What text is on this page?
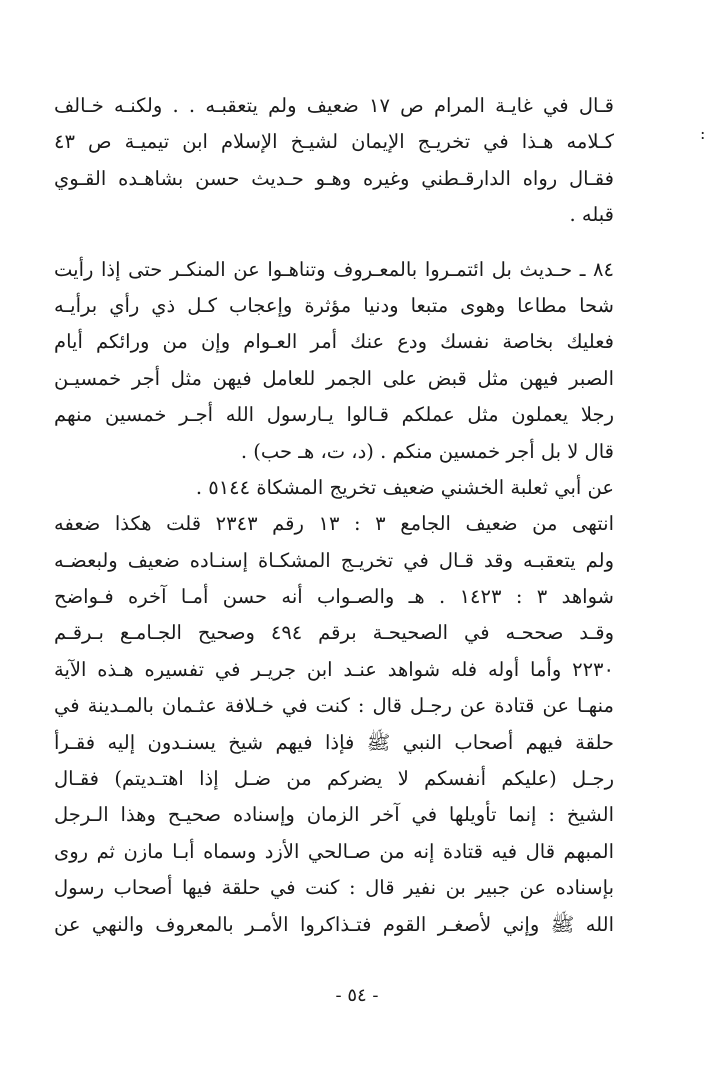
:
قـال في غايـة المرام ص ١٧ ضعيف ولم يتعقبـه . . ولكنـه خـالف
كـلامه هـذا في تخريـج الإيمان لشيـخ الإسلام ابن تيميـة ص ٤٣
فقـال رواه الدارقـطني وغيره وهـو حـديث حسن بشاهـده القـوي
قبله .
٨٤ ـ حـديث بل ائتمـروا بالمعـروف وتناهـوا عن المنكـر حتى إذا رأيت
شحا مطاعا وهوى متبعا ودنيا مؤثرة وإعجاب كـل ذي رأي برأيـه
فعليك بخاصة نفسك ودع عنك أمر العـوام وإن من ورائكم أيام
الصبر فيهن مثل قبض على الجمر للعامل فيهن مثل أجر خمسيـن
رجلا يعملون مثل عملكم قـالوا يـارسول الله أجـر خمسين منهم
قال لا بل أجر خمسين منكم . (د، ت، هـ حب) .
عن أبي ثعلبة الخشني ضعيف تخريج المشكاة ٥١٤٤ .
انتهى من ضعيف الجامع ٣ : ١٣ رقم ٢٣٤٣ قلت هكذا ضعفه
ولم يتعقبـه وقد قـال في تخريـج المشكـاة إسنـاده ضعيف ولبعضـه
شواهد ٣ : ١٤٢٣ . هـ والصـواب أنه حسن أمـا آخره فـواضح
وقـد صححـه في الصحيحـة برقم ٤٩٤ وصحيح الجـامـع بـرقـم
٢٢٣٠ وأما أوله فله شواهد عنـد ابن جريـر في تفسيره هـذه الآية
منهـا عن قتادة عن رجـل قال : كنت في خـلافة عثـمان بالمـدينة في
حلقة فيهم أصحاب النبي ﷺ فإذا فيهم شيخ يسنـدون إليه فقـرأ
رجـل (عليكم أنفسكم لا يضركم من ضـل إذا اهتـديتم) فقـال
الشيخ : إنما تأويلها في آخر الزمان وإسناده صحيـح وهذا الـرجل
المبهم قال فيه قتادة إنه من صـالحي الأزد وسماه أبـا مازن ثم روى
بإسناده عن جبير بن نفير قال : كنت في حلقة فيها أصحاب رسول
الله ﷺ وإني لأصغـر القوم فتـذاكروا الأمـر بالمعروف والنهي عن
- ٥٤ -
